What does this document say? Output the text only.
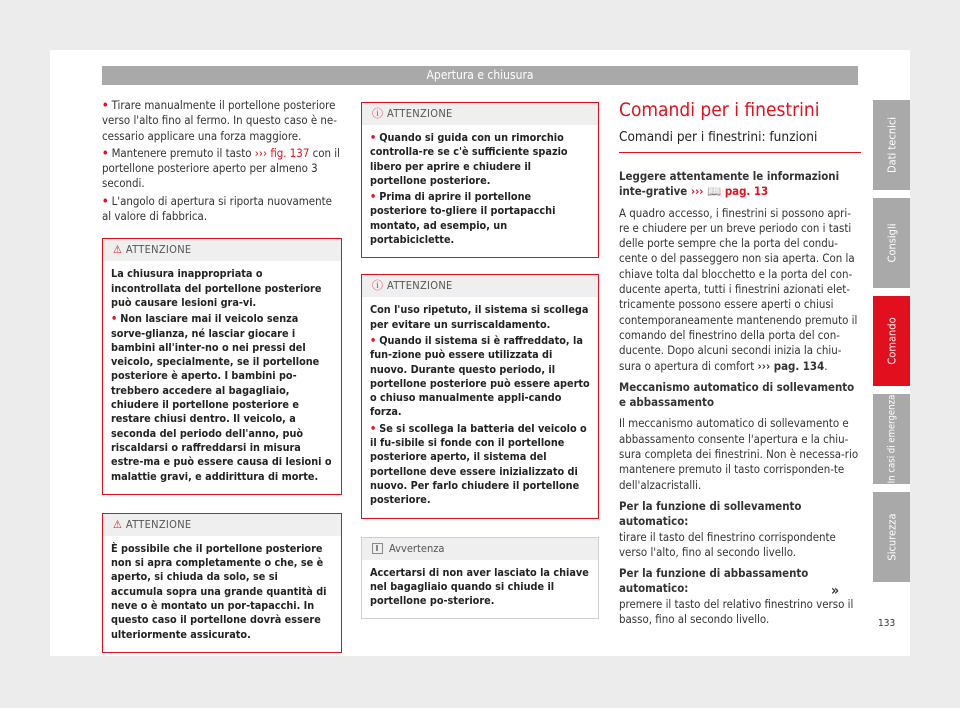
Apertura e chiusura

• Tirare manualmente il portellone posteriore verso l'alto fino al fermo. In questo caso è ne-cessario applicare una forza maggiore.

• Mantenere premuto il tasto ››› fig. 137 con il portellone posteriore aperto per almeno 3 secondi.

• L'angolo di apertura si riporta nuovamente al valore di fabbrica.

⚠ ATTENZIONE

La chiusura inappropriata o incontrollata del portellone posteriore può causare lesioni gra-vi.

• Non lasciare mai il veicolo senza sorve-glianza, né lasciar giocare i bambini all'inter-no o nei pressi del veicolo, specialmente, se il portellone posteriore è aperto. I bambini po-trebbero accedere al bagagliaio, chiudere il portellone posteriore e restare chiusi dentro. Il veicolo, a seconda del periodo dell'anno, può riscaldarsi o raffreddarsi in misura estre-ma e può essere causa di lesioni o malattie gravi, e addirittura di morte.

⚠ ATTENZIONE

È possibile che il portellone posteriore non si apra completamente o che, se è aperto, si chiuda da solo, se si accumula sopra una grande quantità di neve o è montato un por-tapacchi. In questo caso il portellone dovrà essere ulteriormente assicurato.

ⓘ ATTENZIONE

• Quando si guida con un rimorchio controlla-re se c'è sufficiente spazio libero per aprire e chiudere il portellone posteriore.

• Prima di aprire il portellone posteriore to-gliere il portapacchi montato, ad esempio, un portabiciclette.

ⓘ ATTENZIONE

Con l'uso ripetuto, il sistema si scollega per evitare un surriscaldamento.

• Quando il sistema si è raffreddato, la fun-zione può essere utilizzata di nuovo. Durante questo periodo, il portellone posteriore può essere aperto o chiuso manualmente appli-cando forza.

• Se si scollega la batteria del veicolo o il fu-sibile si fonde con il portellone posteriore aperto, il sistema del portellone deve essere inizializzato di nuovo. Per farlo chiudere il portellone posteriore.

Avvertenza

Accertarsi di non aver lasciato la chiave nel bagagliaio quando si chiude il portellone po-steriore.

Comandi per i finestrini
Comandi per i finestrini: funzioni

Leggere attentamente le informazioni inte-grative ››› 📖 pag. 13

A quadro accesso, i finestrini si possono apri-re e chiudere per un breve periodo con i tasti delle porte sempre che la porta del condu-cente o del passeggero non sia aperta. Con la chiave tolta dal blocchetto e la porta del con-ducente aperta, tutti i finestrini azionati elet-tricamente possono essere aperti o chiusi contemporaneamente mantenendo premuto il comando del finestrino della porta del con-ducente. Dopo alcuni secondi inizia la chiu-sura o apertura di comfort ››› pag. 134.

Meccanismo automatico di sollevamento e abbassamento

Il meccanismo automatico di sollevamento e abbassamento consente l'apertura e la chiu-sura completa dei finestrini. Non è necessa-rio mantenere premuto il tasto corrisponden-te dell'alzacristalli.

Per la funzione di sollevamento automatico:
tirare il tasto del finestrino corrispondente verso l'alto, fino al secondo livello.

Per la funzione di abbassamento automatico:
premere il tasto del relativo finestrino verso il basso, fino al secondo livello.

Dati tecnici
Consigli
Comando
In casi di emergenza
Sicurezza
»
133
